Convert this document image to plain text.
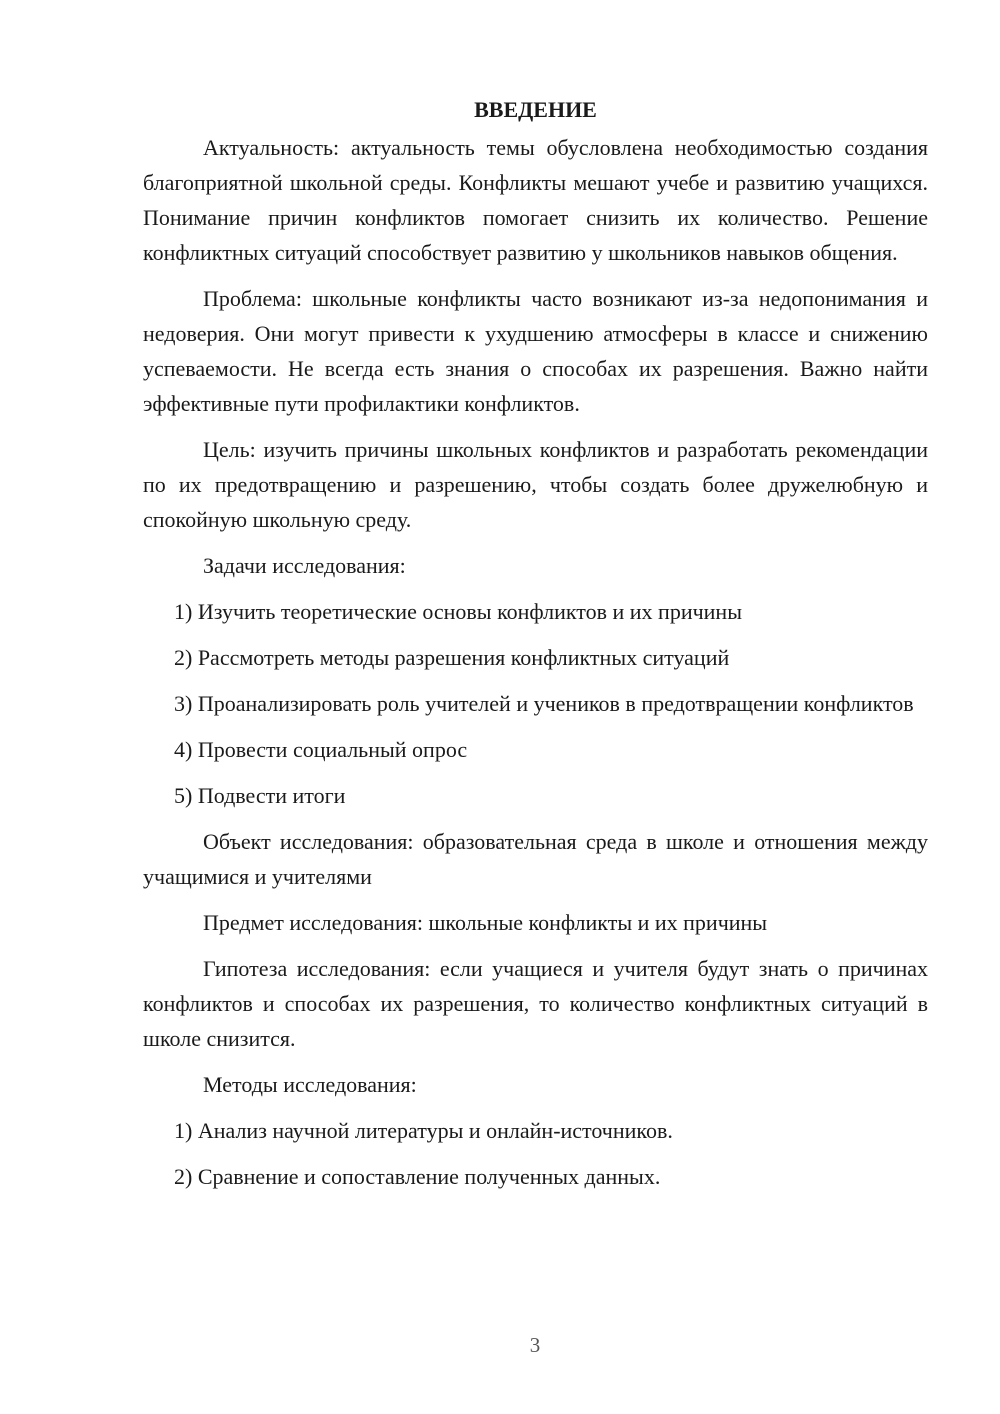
ВВЕДЕНИЕ
Актуальность: актуальность темы обусловлена необходимостью создания благоприятной школьной среды. Конфликты мешают учебе и развитию учащихся. Понимание причин конфликтов помогает снизить их количество. Решение конфликтных ситуаций способствует развитию у школьников навыков общения.
Проблема: школьные конфликты часто возникают из-за недопонимания и недоверия. Они могут привести к ухудшению атмосферы в классе и снижению успеваемости. Не всегда есть знания о способах их разрешения. Важно найти эффективные пути профилактики конфликтов.
Цель: изучить причины школьных конфликтов и разработать рекомендации по их предотвращению и разрешению, чтобы создать более дружелюбную и спокойную школьную среду.
Задачи исследования:
1) Изучить теоретические основы конфликтов и их причины
2) Рассмотреть методы разрешения конфликтных ситуаций
3) Проанализировать роль учителей и учеников в предотвращении конфликтов
4) Провести социальный опрос
5) Подвести итоги
Объект исследования: образовательная среда в школе и отношения между учащимися и учителями
Предмет исследования: школьные конфликты и их причины
Гипотеза исследования: если учащиеся и учителя будут знать о причинах конфликтов и способах их разрешения, то количество конфликтных ситуаций в школе снизится.
Методы исследования:
1) Анализ научной литературы и онлайн-источников.
2) Сравнение и сопоставление полученных данных.
3
